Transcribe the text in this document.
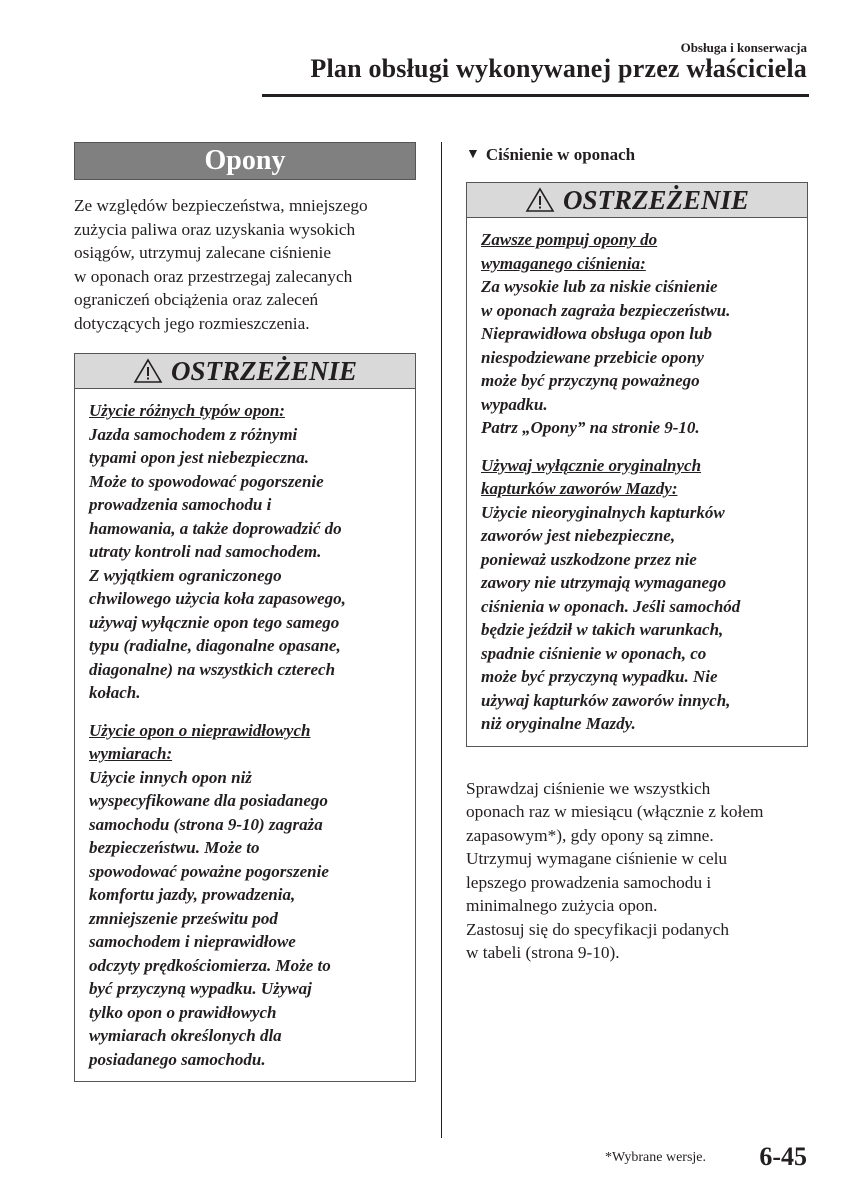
Obsługa i konserwacja
Plan obsługi wykonywanej przez właściciela
Opony

Ze względów bezpieczeństwa, mniejszego
zużycia paliwa oraz uzyskania wysokich
osiągów, utrzymuj zalecane ciśnienie
w oponach oraz przestrzegaj zalecanych
ograniczeń obciążenia oraz zaleceń
dotyczących jego rozmieszczenia.

OSTRZEŻENIE
Użycie różnych typów opon:
Jazda samochodem z różnymi
typami opon jest niebezpieczna.
Może to spowodować pogorszenie
prowadzenia samochodu i
hamowania, a także doprowadzić do
utraty kontroli nad samochodem.
Z wyjątkiem ograniczonego
chwilowego użycia koła zapasowego,
używaj wyłącznie opon tego samego
typu (radialne, diagonalne opasane,
diagonalne) na wszystkich czterech
kołach.
Użycie opon o nieprawidłowych
wymiarach:
Użycie innych opon niż
wyspecyfikowane dla posiadanego
samochodu (strona 9-10) zagraża
bezpieczeństwu. Może to
spowodować poważne pogorszenie
komfortu jazdy, prowadzenia,
zmniejszenie prześwitu pod
samochodem i nieprawidłowe
odczyty prędkościomierza. Może to
być przyczyną wypadku. Używaj
tylko opon o prawidłowych
wymiarach określonych dla
posiadanego samochodu.
▼ Ciśnienie w oponach
OSTRZEŻENIE
Zawsze pompuj opony do
wymaganego ciśnienia:
Za wysokie lub za niskie ciśnienie
w oponach zagraża bezpieczeństwu.
Nieprawidłowa obsługa opon lub
niespodziewane przebicie opony
może być przyczyną poważnego
wypadku.
Patrz „Opony” na stronie 9-10.
Używaj wyłącznie oryginalnych
kapturków zaworów Mazdy:
Użycie nieoryginalnych kapturków
zaworów jest niebezpieczne,
ponieważ uszkodzone przez nie
zawory nie utrzymają wymaganego
ciśnienia w oponach. Jeśli samochód
będzie jeździł w takich warunkach,
spadnie ciśnienie w oponach, co
może być przyczyną wypadku. Nie
używaj kapturków zaworów innych,
niż oryginalne Mazdy.

Sprawdzaj ciśnienie we wszystkich
oponach raz w miesiącu (włącznie z kołem
zapasowym*), gdy opony są zimne.
Utrzymuj wymagane ciśnienie w celu
lepszego prowadzenia samochodu i
minimalnego zużycia opon.
Zastosuj się do specyfikacji podanych
w tabeli (strona 9-10).

*Wybrane wersje. 6-45
